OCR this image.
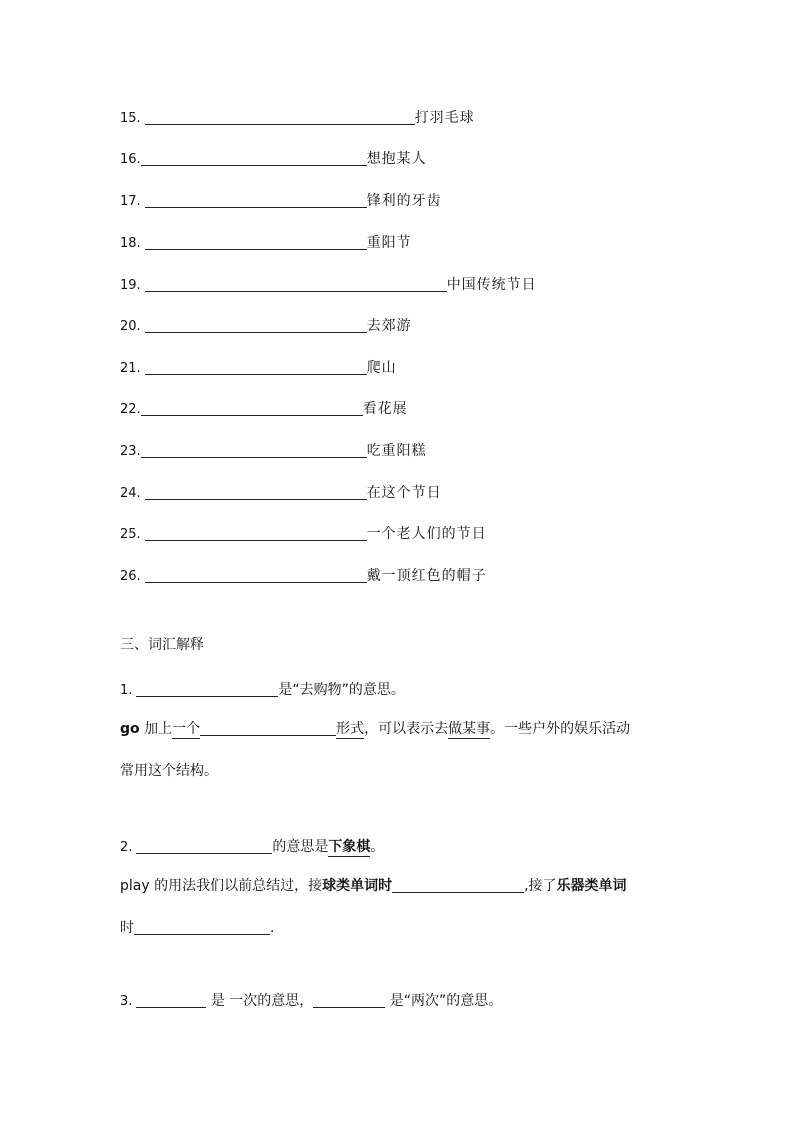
15.	打羽毛球
16.	想抱某人
17.	锋利的牙齿
18.	重阳节
19.	中国传统节日
20.	去郊游
21.	爬山
22.	看花展
23.	吃重阳糕
24.	在这个节日
25.	一个老人们的节日
26.	戴一顶红色的帽子
三、词汇解释
1.	是“去购物”的意思。
go 加上一个	形式，可以表示去做某事。一些户外的娱乐活动
常用这个结构。
2.	的意思是下象棋。
play 的用法我们以前总结过，接球类单词时	,接了乐器类单词
时	.
3.	是 一次的意思，	是“两次”的意思。
